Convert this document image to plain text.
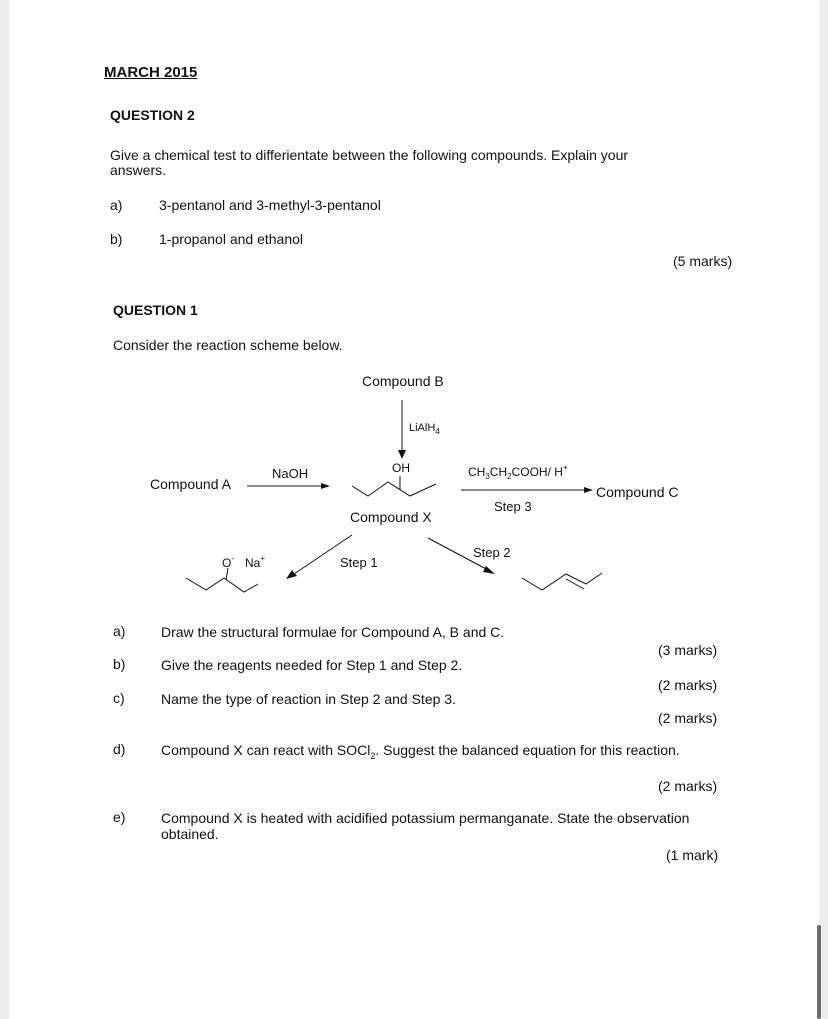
MARCH 2015
QUESTION 2
Give a chemical test to differientate between the following compounds. Explain your
answers.
a)	3-pentanol and 3-methyl-3-pentanol
b)	1-propanol and ethanol
(5 marks)
QUESTION 1
Consider the reaction scheme below.
Compound B
LiAlH$_4$
Compound A
NaOH	OH
Compound X
$CH_3CH_2COOH/$ H+
Step 3
Compound C
Step 1
O- Na+	Step 2
a)	Draw the structural formulae for Compound A, B and C.
(3 marks)
b)	Give the reagents needed for Step 1 and Step 2.
(2 marks)
c)	Name the type of reaction in Step 2 and Step 3.
(2 marks)
d)	Compound X can react with SOCl$_2$. Suggest the balanced equation for this reaction.
(2 marks)
e)	Compound X is heated with acidified potassium permanganate. State the observation
obtained.
(1 mark)
